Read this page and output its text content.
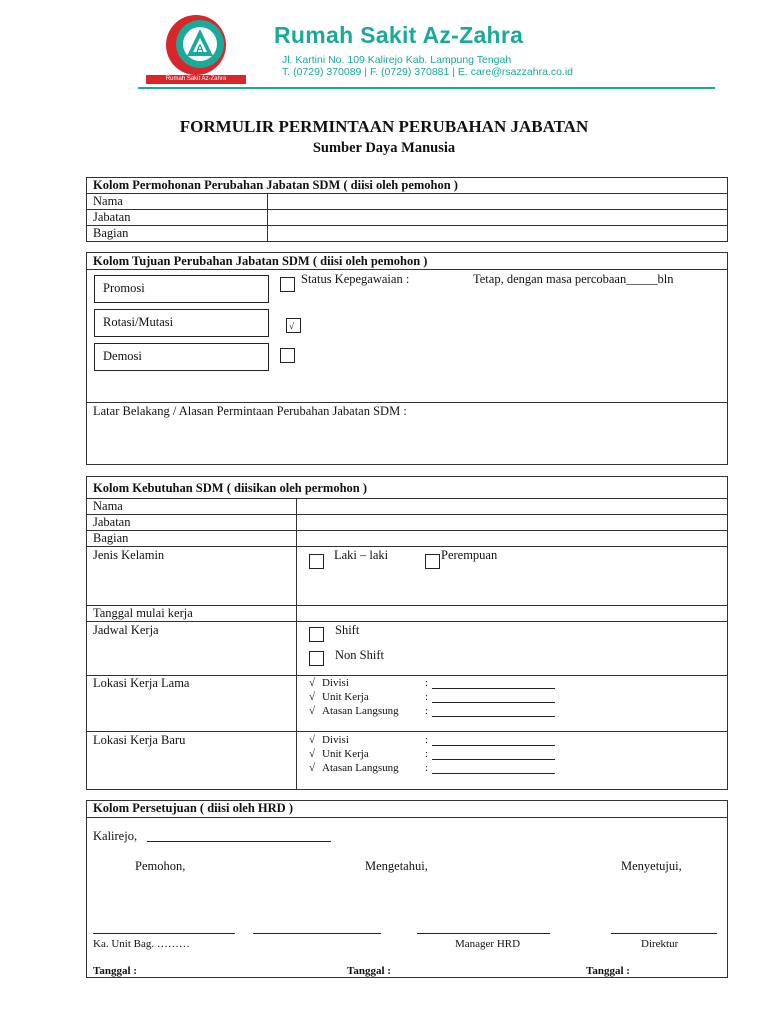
A
Rumah Sakit Az-Zahra
Rumah Sakit Az-Zahra
Jl. Kartini No. 109 Kalirejo Kab. Lampung Tengah
T. (0729) 370089 | F. (0729) 370881 | E. care@rsazzahra.co.id
FORMULIR PERMINTAAN PERUBAHAN JABATAN
Sumber Daya Manusia
Kolom Permohonan Perubahan Jabatan SDM ( diisi oleh pemohon )
Nama
Jabatan
Bagian
Kolom Tujuan Perubahan Jabatan SDM ( diisi oleh pemohon )
Promosi
Rotasi/Mutasi
Demosi
√
Status Kepegawaian :	Tetap, dengan masa percobaan_____bln
Latar Belakang / Alasan Permintaan Perubahan Jabatan SDM :
Kolom Kebutuhan SDM ( diisikan oleh permohon )
Nama
Jabatan
Bagian
Jenis Kelamin	Laki – laki	Perempuan
Tanggal mulai kerja
Jadwal Kerja	Shift
Non Shift
Lokasi Kerja Lama	√ Divisi	:
√ Unit Kerja	:
√ Atasan Langsung :
Lokasi Kerja Baru	√ Divisi	:
√ Unit Kerja	:
√ Atasan Langsung :
Kolom Persetujuan ( diisi oleh HRD )
Kalirejo,
Pemohon,	Mengetahui,	Menyetujui,
Ka. Unit Bag. ………	Manager HRD	Direktur
Tanggal :	Tanggal :	Tanggal :
